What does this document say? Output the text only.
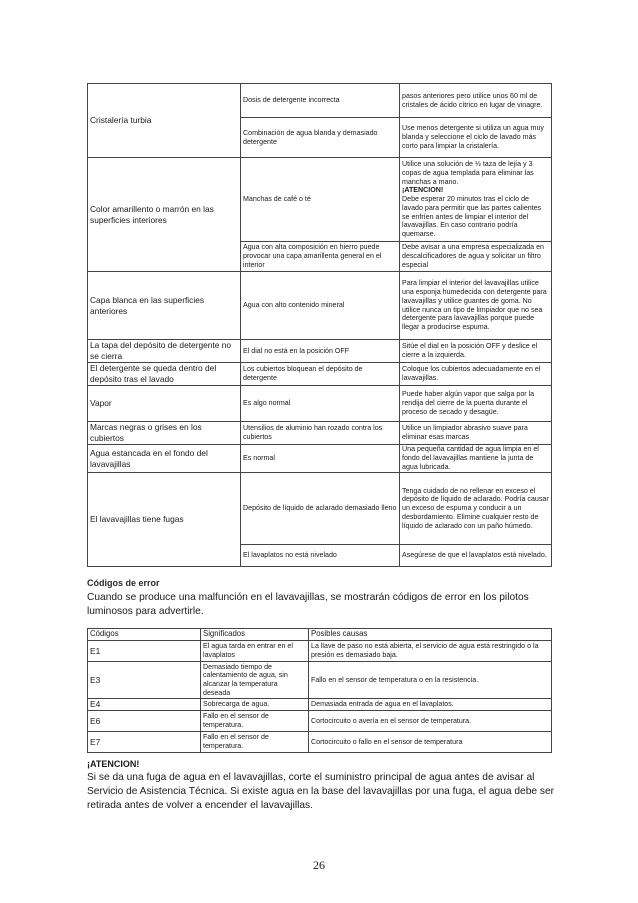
Cristalería turbia	Dosis de detergente incorrecta	pasos anteriores pero utilice unos 60 ml de cristales de ácido cítrico en lugar de vinagre.
	Combinación de agua blanda y demasiado detergente	Use menos detergente si utiliza un agua muy blanda y seleccione el ciclo de lavado más corto para limpiar la cristalería.
Color amarillento o marrón en las superficies interiores	Manchas de café o té	Utilice una solución de ½ taza de lejía y 3 copas de agua templada para eliminar las manchas a mano.
¡ATENCION!
Debe esperar 20 minutos tras el ciclo de lavado para permitir que las partes calientes se enfríen antes de limpiar el interior del lavavajillas. En caso contrario podría quemarse.

	Agua con alta composición en hierro puede provocar una capa amarillenta general en el interior	Debe avisar a una empresa especializada en descalcificadores de agua y solicitar un filtro especial
Capa blanca en las superficies anteriores	Agua con alto contenido mineral	Para limpiar el interior del lavavajillas utilice una esponja humedecida con detergente para lavavajillas y utilice guantes de goma. No utilice nunca un tipo de limpiador que no sea detergente para lavavajillas porque puede llegar a producirse espuma.
La tapa del depósito de detergente no se cierra	El dial no está en la posición OFF	Sitúe el dial en la posición OFF y deslice el cierre a la izquierda.
El detergente se queda dentro del depósito tras el lavado	Los cubiertos bloquean el depósito de detergente	Coloque los cubiertos adecuadamente en el lavavajillas.
Vapor	Es algo normal	Puede haber algún vapor que salga por la rendija del cierre de la puerta durante el proceso de secado y desagüe.
Marcas negras o grises en los cubiertos	Utensilios de aluminio han rozado contra los cubiertos	Utilice un limpiador abrasivo suave para eliminar esas marcas
Agua estancada en el fondo del lavavajillas	Es normal	Una pequeña cantidad de agua limpia en el fondo del lavavajillas mantiene la junta de agua lubricada.
El lavavajillas tiene fugas	Depósito de líquido de aclarado demasiado lleno	Tenga cuidado de no rellenar en exceso el depósito de líquido de aclarado. Podría causar un exceso de espuma y conducir a un desbordamiento. Elimine cualquier resto de líquido de aclarado con un paño húmedo.
	El lavaplatos no está nivelado	Asegúrese de que el lavaplatos está nivelado.
Códigos de error
Cuando se produce una malfunción en el lavavajillas, se mostrarán códigos de error en los pilotos luminosos para advertirle.
Códigos	Significados	Posibles causas
E1	El agua tarda en entrar en el lavaplatos	La llave de paso no está abierta, el servicio de agua está restringido o la presión es demasiado baja.
E3	Demasiado tiempo de calentamiento de agua, sin alcanzar la temperatura deseada	Fallo en el sensor de temperatura o en la resistencia.
E4	Sobrecarga de agua.	Demasiada entrada de agua en el lavaplatos.
E6	Fallo en el sensor de temperatura.	Cortocircuito o avería en el sensor de temperatura.
E7	Fallo en el sensor de temperatura.	Cortocircuito o fallo en el sensor de temperatura
¡ATENCION!
Si se da una fuga de agua en el lavavajillas, corte el suministro principal de agua antes de avisar al Servicio de Asistencia Técnica. Si existe agua en la base del lavavajillas por una fuga, el agua debe ser retirada antes de volver a encender el lavavajillas.
26
